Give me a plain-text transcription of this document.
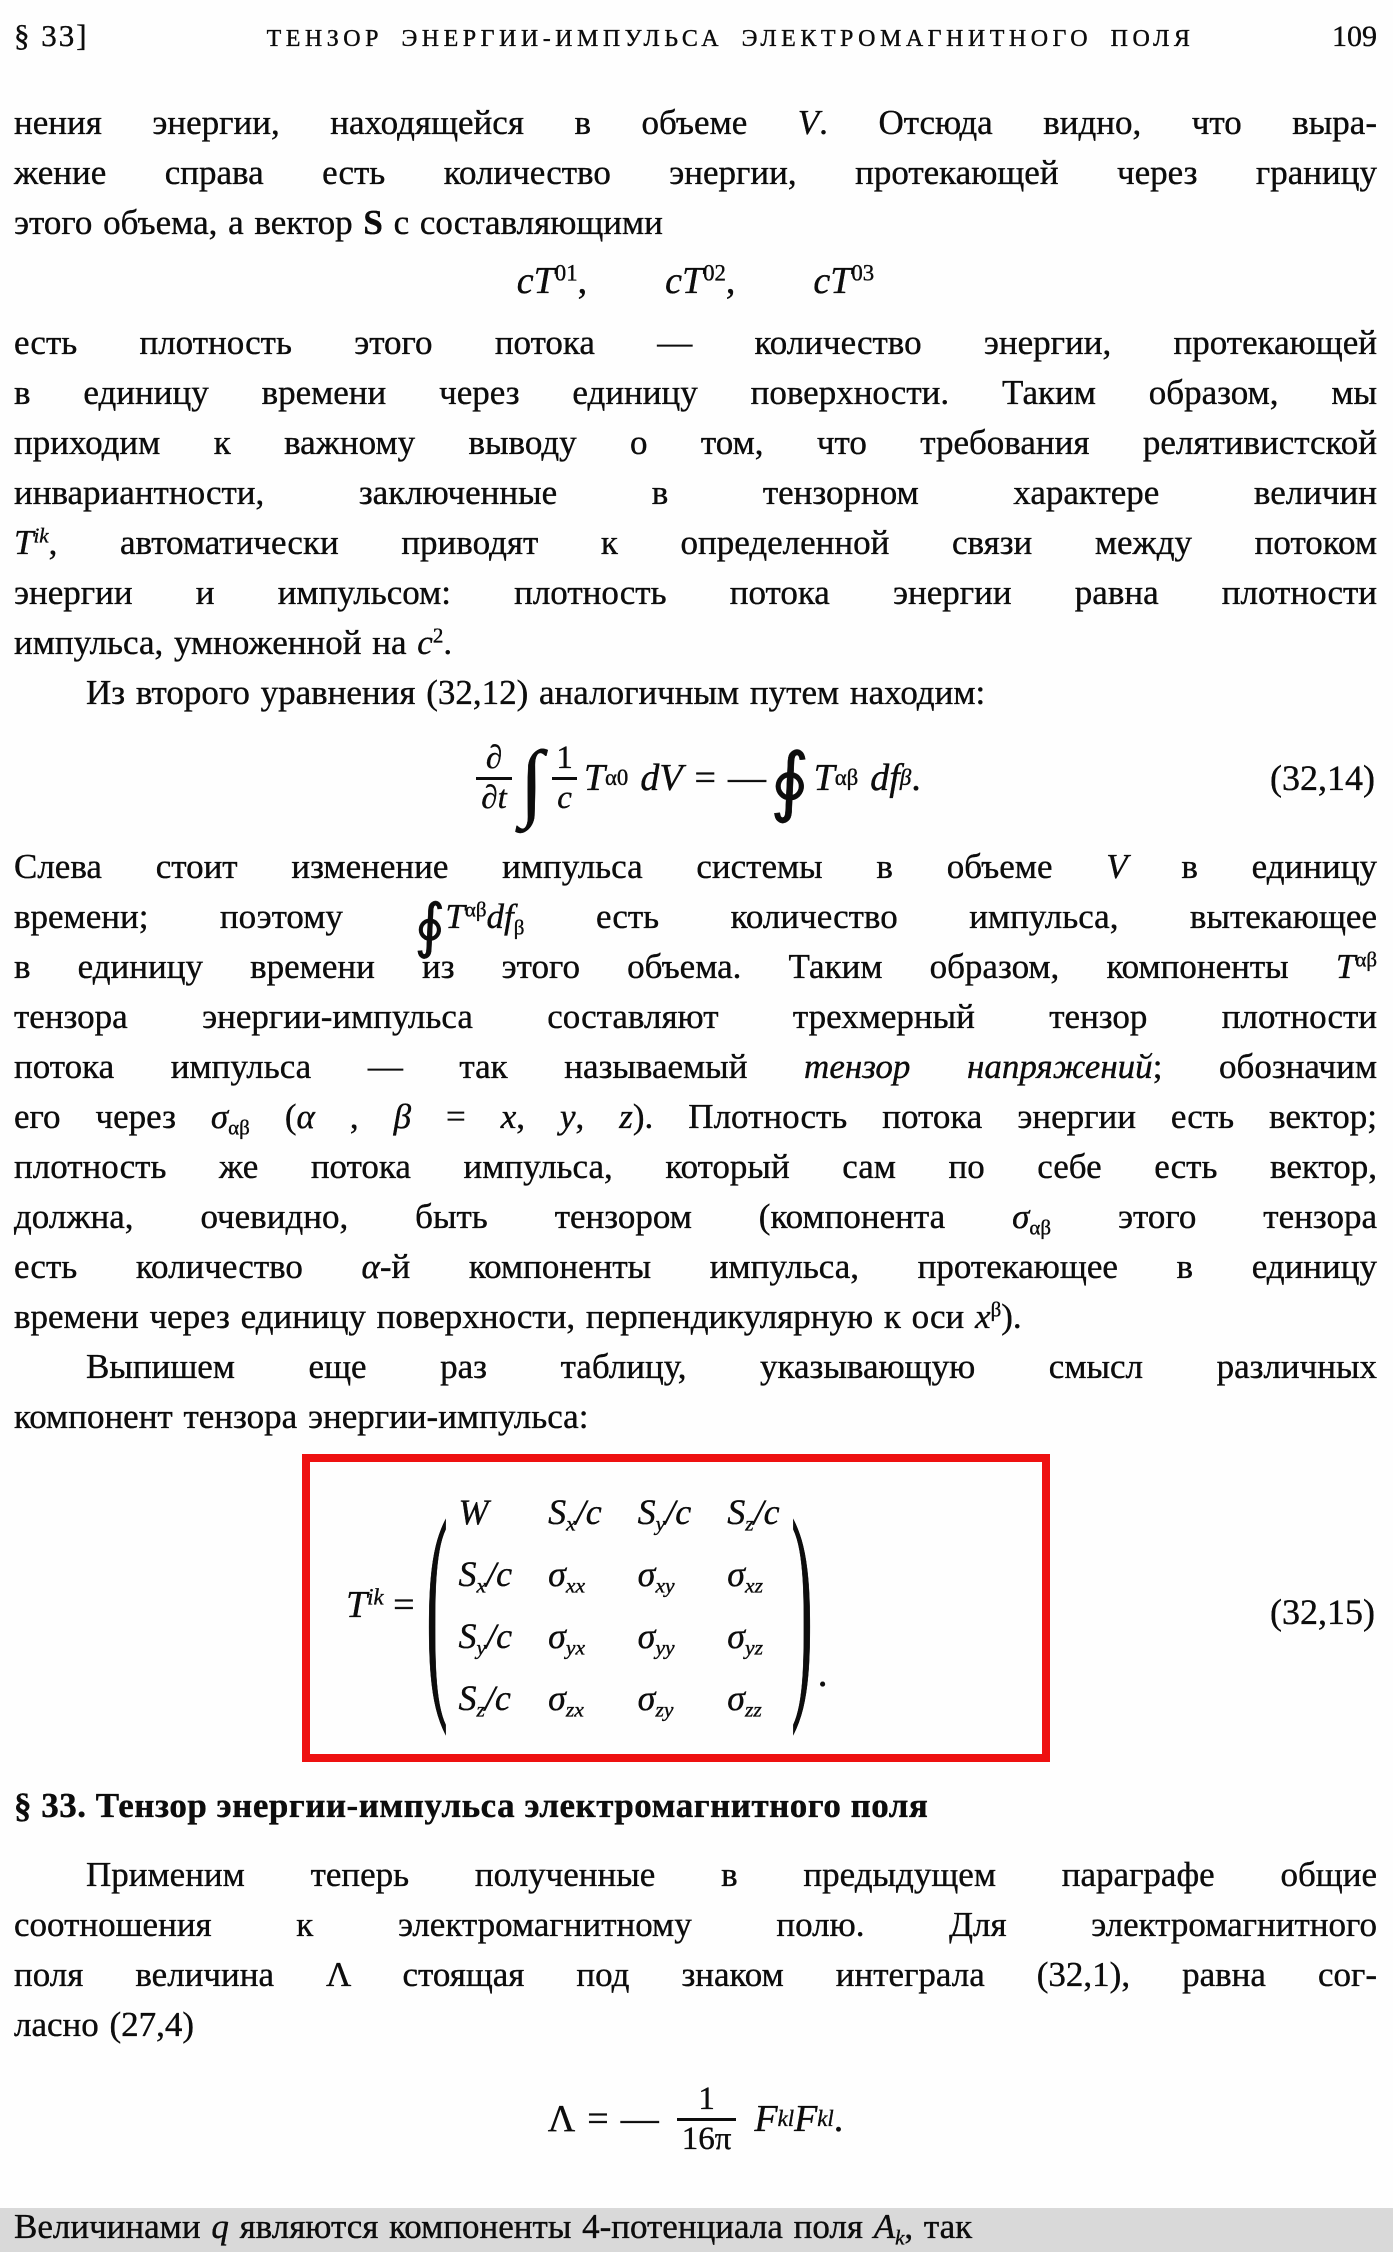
§ 33]	ТЕНЗОР ЭНЕРГИИ-ИМПУЛЬСА ЭЛЕКТРОМАГНИТНОГО ПОЛЯ	109
нения энергии, находящейся в объеме V. Отсюда видно, что выра-
жение справа есть количество энергии, протекающей через границу
этого объема, а вектор S с составляющими
$cT^{01}$, $cT^{02}$, $cT^{03}$
есть плотность этого потока — количество энергии, протекающей
в единицу времени через единицу поверхности. Таким образом, мы
приходим к важному выводу о том, что требования релятивистской
инвариантности, заключенные в тензорном характере величин
$T^{ik}$, автоматически приводят к определенной связи между потоком
энергии и импульсом: плотность потока энергии равна плотности
импульса, умноженной на $c^2$.
Из второго уравнения (32,12) аналогичным путем находим:
$\frac{\partial}{\partial t}$ ∫ $\frac{1}{c}$ T α0 dV = — ∮ T αβ df β .	(32,14)
Слева стоит изменение импульса системы в объеме V в единицу
времени; поэтому $∮T^{\alpha\beta}df_\beta$ есть количество импульса, вытекающее
в единицу времени из этого объема. Таким образом, компоненты $T^{\alpha\beta}$
тензора энергии-импульса составляют трехмерный тензор плотности
потока импульса — так называемый тензор напряжений; обозначим
его через $\sigma_{\alpha\beta}$ (α , β = x, y, z). Плотность потока энергии есть вектор;
плотность же потока импульса, который сам по себе есть вектор,
должна, очевидно, быть тензором (компонента $\sigma_{\alpha\beta}$ этого тензора
есть количество α-й компоненты импульса, протекающее в единицу
времени через единицу поверхности, перпендикулярную к оси $x^\beta$).
Выпишем еще раз таблицу, указывающую смысл различных
компонент тензора энергии-импульса:
$T^{ik}$ = ( W $S_x/c$ $S_y/c$ $S_z/c$
$S_x/c$ $\sigma_{xx}$ $\sigma_{xy}$ $\sigma_{xz}$
$S_y/c$ $\sigma_{yx}$ $\sigma_{yy}$ $\sigma_{yz}$
$S_z/c$ $\sigma_{zx}$ $\sigma_{zy}$ $\sigma_{zz}$ ) .
(32,15)
§ 33. Тензор энергии-импульса электромагнитного поля
Применим теперь полученные в предыдущем параграфе общие
соотношения к электромагнитному полю. Для электромагнитного
поля величина Λ стоящая под знаком интеграла (32,1), равна сог-
ласно (27,4)
Λ = — $\frac{1}{16\pi}$ F kl F kl .
Величинами q являются компоненты 4-потенциала поля $A_k$, так
